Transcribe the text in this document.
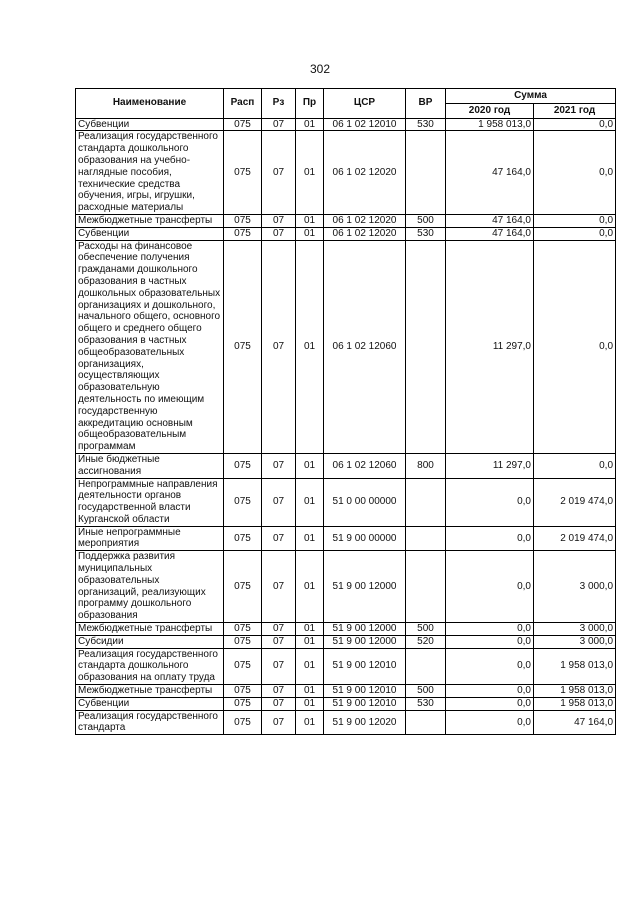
302
Наименование	Расп	Рз	Пр	ЦСР	ВР	Сумма	
						2020 год	2021 год
Субвенции	075	07	01	06 1 02 12010	530	1 958 013,0	0,0
Реализация государственного стандарта дошкольного образования на учебно-наглядные пособия, технические средства обучения, игры, игрушки, расходные материалы	075	07	01	06 1 02 12020		47 164,0	0,0
Межбюджетные трансферты	075	07	01	06 1 02 12020	500	47 164,0	0,0
Субвенции	075	07	01	06 1 02 12020	530	47 164,0	0,0
Расходы на финансовое обеспечение получения гражданами дошкольного образования в частных дошкольных образовательных организациях и дошкольного, начального общего, основного общего и среднего общего образования в частных общеобразовательных организациях, осуществляющих образовательную деятельность по имеющим государственную аккредитацию основным общеобразовательным программам	075	07	01	06 1 02 12060		11 297,0	0,0
Иные бюджетные ассигнования	075	07	01	06 1 02 12060	800	11 297,0	0,0
Непрограммные направления деятельности органов государственной власти Курганской области	075	07	01	51 0 00 00000		0,0	2 019 474,0
Иные непрограммные мероприятия	075	07	01	51 9 00 00000		0,0	2 019 474,0
Поддержка развития муниципальных образовательных организаций, реализующих программу дошкольного образования	075	07	01	51 9 00 12000		0,0	3 000,0
Межбюджетные трансферты	075	07	01	51 9 00 12000	500	0,0	3 000,0
Субсидии	075	07	01	51 9 00 12000	520	0,0	3 000,0
Реализация государственного стандарта дошкольного образования на оплату труда	075	07	01	51 9 00 12010		0,0	1 958 013,0
Межбюджетные трансферты	075	07	01	51 9 00 12010	500	0,0	1 958 013,0
Субвенции	075	07	01	51 9 00 12010	530	0,0	1 958 013,0
Реализация государственного стандарта	075	07	01	51 9 00 12020		0,0	47 164,0
